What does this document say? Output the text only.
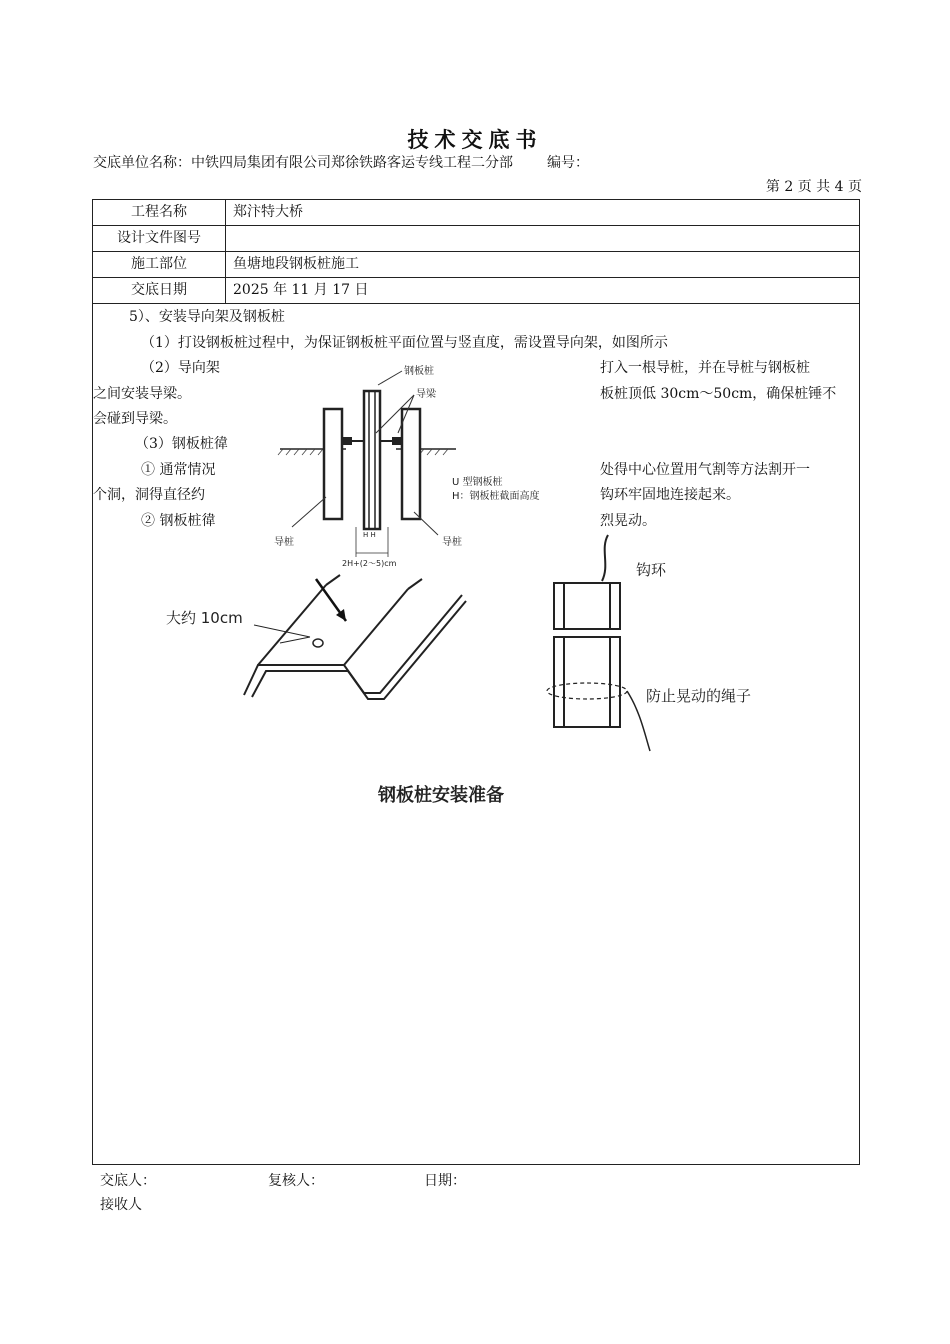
技术交底书
交底单位名称：中铁四局集团有限公司郑徐铁路客运专线工程二分部 编号：
第 2 页 共 4 页
工程名称	郑汴特大桥
设计文件图号
施工部位	鱼塘地段钢板桩施工
交底日期	2025 年 11 月 17 日
5）、安装导向架及钢板桩
（1）打设钢板桩过程中，为保证钢板桩平面位置与竖直度，需设置导向架，如图所示
（2）导向架	打入一根导桩，并在导桩与钢板桩
之间安装导梁。	板桩顶低 30cm～50cm，确保桩锤不
会碰到导梁。
（3）钢板桩徫
① 通常情况	处得中心位置用气割等方法割开一
个洞，洞得直径约	钩环牢固地连接起来。
② 钢板桩徫	烈晃动。
钢板桩
导梁
U 型钢板桩
H：钢板桩截面高度
导桩	导桩
H H
2H+(2～5)cm
大约 10cm
钩环
防止晃动的绳子
钢板桩安装准备
交底人：	复核人：	日期：
接收人
